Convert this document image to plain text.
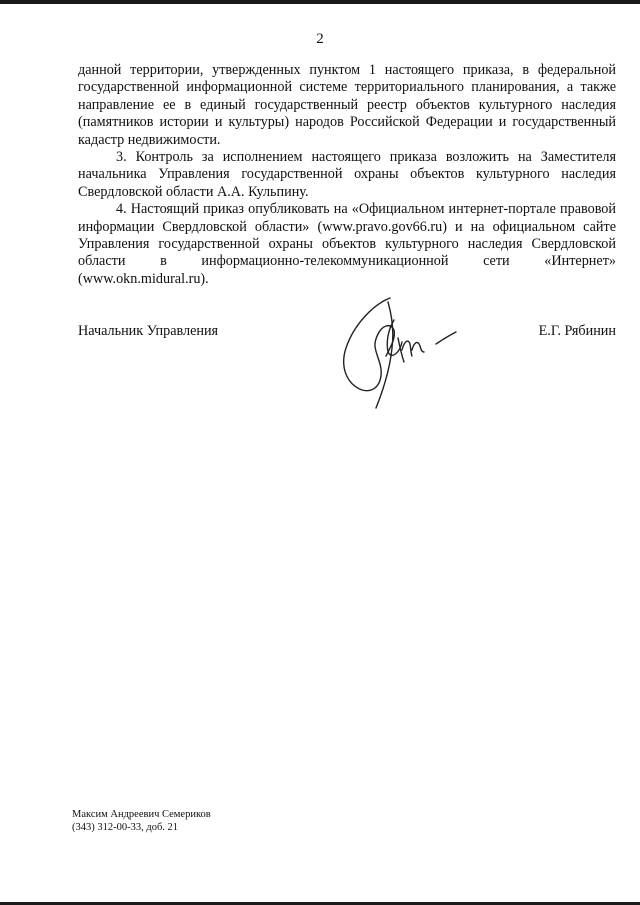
2

данной территории, утвержденных пунктом 1 настоящего приказа, в федеральной государственной информационной системе территориального планирования, а также направление ее в единый государственный реестр объектов культурного наследия (памятников истории и культуры) народов Российской Федерации и государственный кадастр недвижимости.

3. Контроль за исполнением настоящего приказа возложить на Заместителя начальника Управления государственной охраны объектов культурного наследия Свердловской области А.А. Кульпину.

4. Настоящий приказ опубликовать на «Официальном интернет-портале правовой информации Свердловской области» (www.pravo.gov66.ru) и на официальном сайте Управления государственной охраны объектов культурного наследия Свердловской области в информационно-телекоммуникационной сети «Интернет» (www.okn.midural.ru).

Начальник Управления	Е.Г. Рябинин
Максим Андреевич Семериков
(343) 312-00-33, доб. 21
